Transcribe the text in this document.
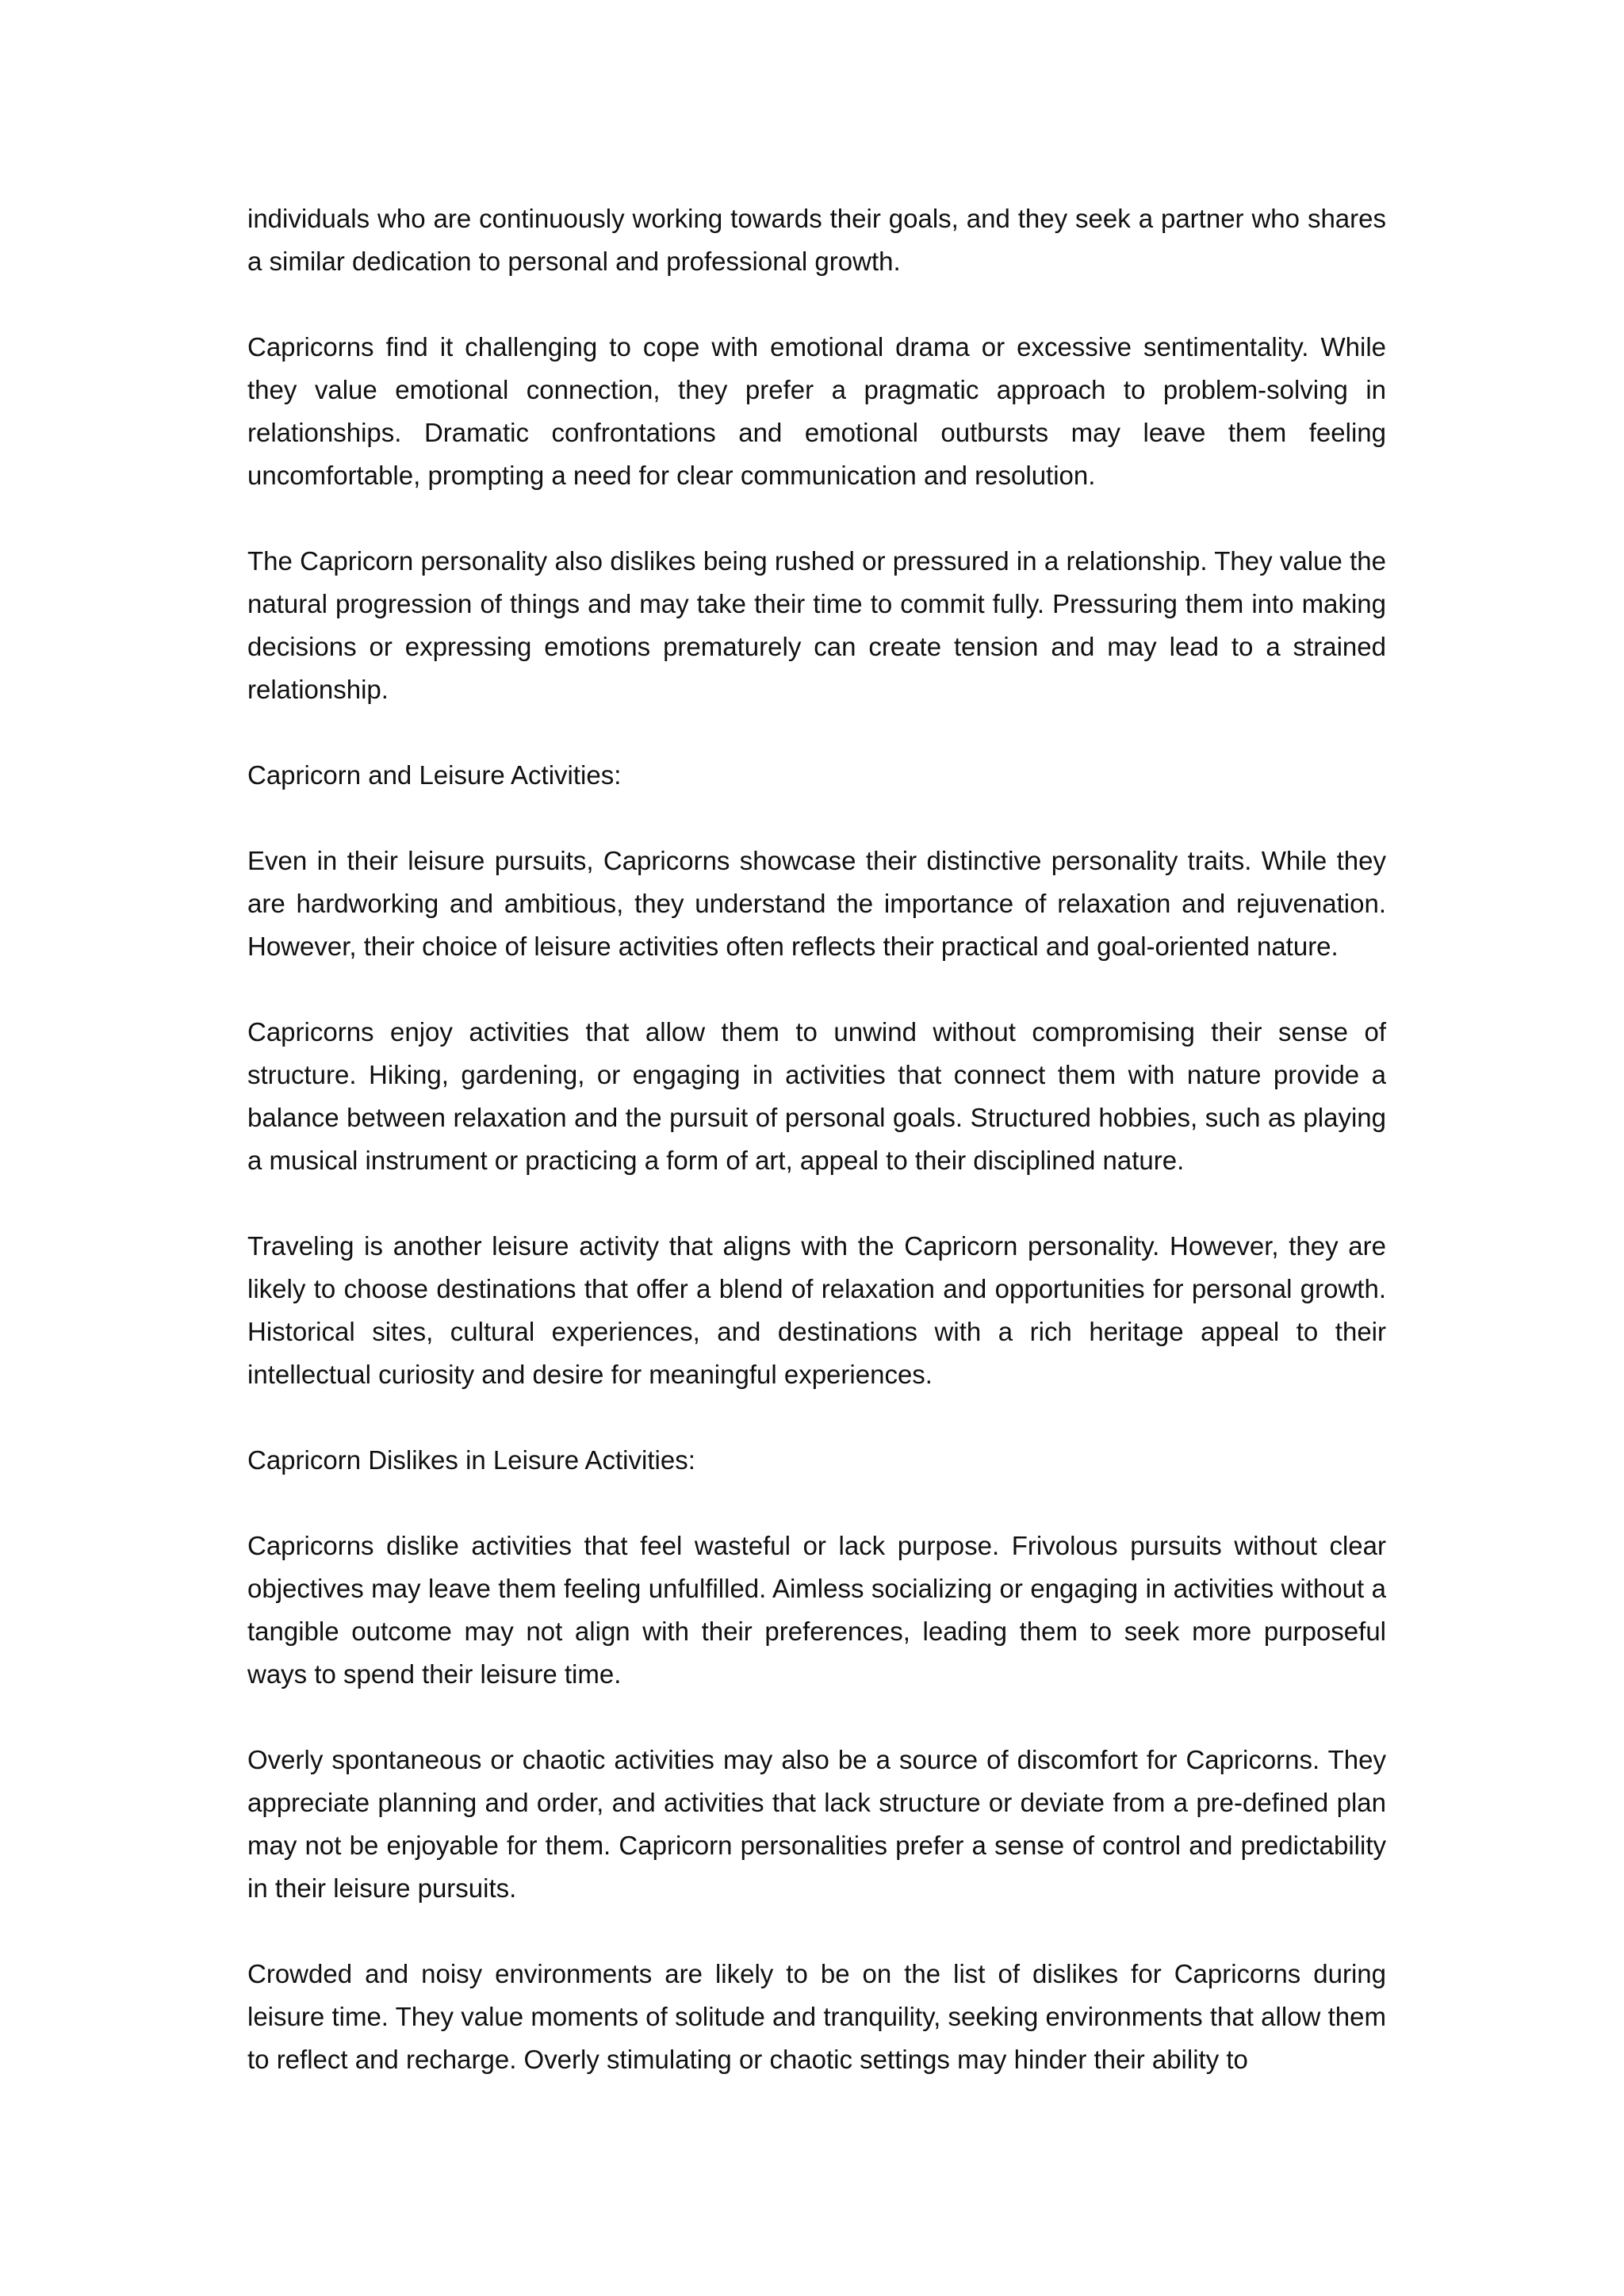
individuals who are continuously working towards their goals, and they seek a partner who shares a similar dedication to personal and professional growth.

Capricorns find it challenging to cope with emotional drama or excessive sentimentality. While they value emotional connection, they prefer a pragmatic approach to problem-solving in relationships. Dramatic confrontations and emotional outbursts may leave them feeling uncomfortable, prompting a need for clear communication and resolution.

The Capricorn personality also dislikes being rushed or pressured in a relationship. They value the natural progression of things and may take their time to commit fully. Pressuring them into making decisions or expressing emotions prematurely can create tension and may lead to a strained relationship.

Capricorn and Leisure Activities:

Even in their leisure pursuits, Capricorns showcase their distinctive personality traits. While they are hardworking and ambitious, they understand the importance of relaxation and rejuvenation. However, their choice of leisure activities often reflects their practical and goal-oriented nature.

Capricorns enjoy activities that allow them to unwind without compromising their sense of structure. Hiking, gardening, or engaging in activities that connect them with nature provide a balance between relaxation and the pursuit of personal goals. Structured hobbies, such as playing a musical instrument or practicing a form of art, appeal to their disciplined nature.

Traveling is another leisure activity that aligns with the Capricorn personality. However, they are likely to choose destinations that offer a blend of relaxation and opportunities for personal growth. Historical sites, cultural experiences, and destinations with a rich heritage appeal to their intellectual curiosity and desire for meaningful experiences.

Capricorn Dislikes in Leisure Activities:

Capricorns dislike activities that feel wasteful or lack purpose. Frivolous pursuits without clear objectives may leave them feeling unfulfilled. Aimless socializing or engaging in activities without a tangible outcome may not align with their preferences, leading them to seek more purposeful ways to spend their leisure time.

Overly spontaneous or chaotic activities may also be a source of discomfort for Capricorns. They appreciate planning and order, and activities that lack structure or deviate from a pre-defined plan may not be enjoyable for them. Capricorn personalities prefer a sense of control and predictability in their leisure pursuits.

Crowded and noisy environments are likely to be on the list of dislikes for Capricorns during leisure time. They value moments of solitude and tranquility, seeking environments that allow them to reflect and recharge. Overly stimulating or chaotic settings may hinder their ability to
